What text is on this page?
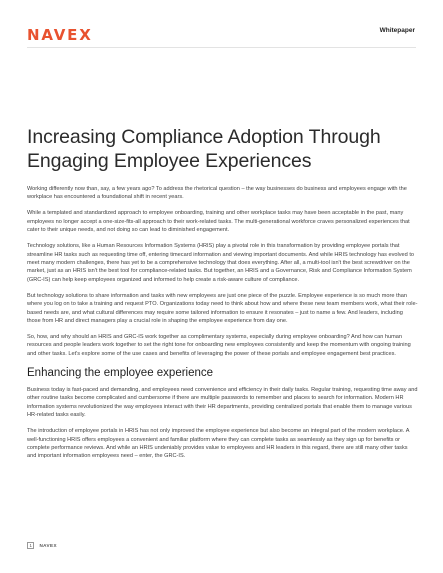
NAVEX	Whitepaper
Increasing Compliance Adoption Through Engaging Employee Experiences

Working differently now than, say, a few years ago? To address the rhetorical question – the way businesses do business and employees engage with the workplace has encountered a foundational shift in recent years.

While a templated and standardized approach to employee onboarding, training and other workplace tasks may have been acceptable in the past, many employees no longer accept a one-size-fits-all approach to their work-related tasks. The multi-generational workforce craves personalized experiences that cater to their unique needs, and not doing so can lead to diminished engagement.

Technology solutions, like a Human Resources Information Systems (HRIS) play a pivotal role in this transformation by providing employee portals that streamline HR tasks such as requesting time off, entering timecard information and viewing important documents. And while HRIS technology has evolved to meet many modern challenges, there has yet to be a comprehensive technology that does everything. After all, a multi-tool isn't the best screwdriver on the market, just as an HRIS isn't the best tool for compliance-related tasks. But together, an HRIS and a Governance, Risk and Compliance Information System (GRC-IS) can help keep employees organized and informed to help create a risk-aware culture of compliance.

But technology solutions to share information and tasks with new employees are just one piece of the puzzle. Employee experience is so much more than where you log on to take a training and request PTO. Organizations today need to think about how and where these new team members work, what their role-based needs are, and what cultural differences may require some tailored information to ensure it resonates – just to name a few. And leaders, including those from HR and direct managers play a crucial role in shaping the employee experience from day one.

So, how, and why should an HRIS and GRC-IS work together as complimentary systems, especially during employee onboarding? And how can human resources and people leaders work together to set the right tone for onboarding new employees consistently and keep the momentum with ongoing training and other tasks. Let's explore some of the use cases and benefits of leveraging the power of these portals and employee engagement best practices.

Enhancing the employee experience

Business today is fast-paced and demanding, and employees need convenience and efficiency in their daily tasks. Regular training, requesting time away and other routine tasks become complicated and cumbersome if there are multiple passwords to remember and places to search for information. Modern HR information systems revolutionized the way employees interact with their HR departments, providing centralized portals that enable them to manage various HR-related tasks easily.

The introduction of employee portals in HRIS has not only improved the employee experience but also become an integral part of the modern workplace. A well-functioning HRIS offers employees a convenient and familiar platform where they can complete tasks as seamlessly as they sign up for benefits or complete performance reviews. And while an HRIS undeniably provides value to employees and HR leaders in this regard, there are still many other tasks and important information employees need – enter, the GRC-IS.

1	NAVEX
